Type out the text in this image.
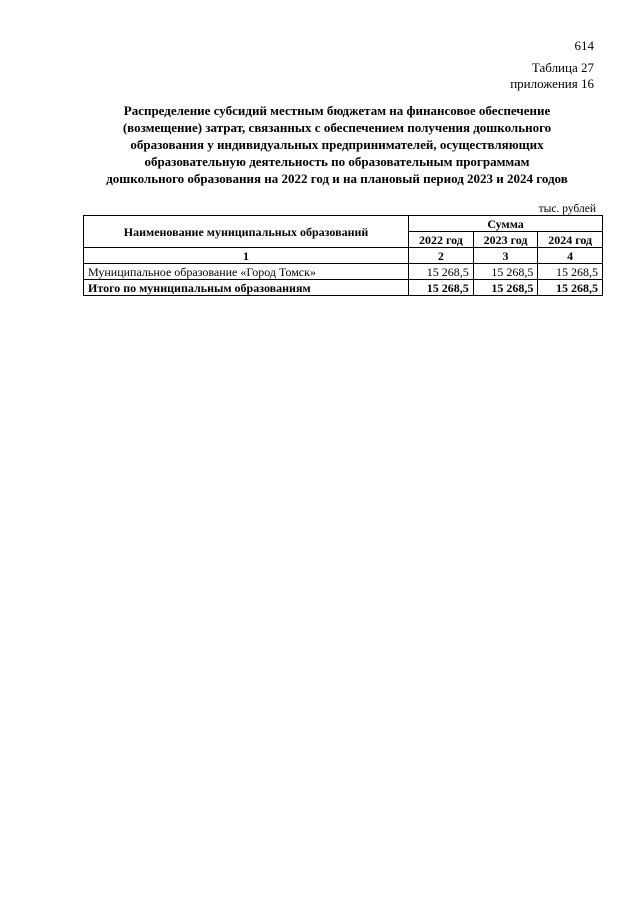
614
Таблица 27
приложения 16
Распределение субсидий местным бюджетам на финансовое обеспечение
(возмещение) затрат, связанных с обеспечением получения дошкольного
образования у индивидуальных предпринимателей, осуществляющих
образовательную деятельность по образовательным программам
дошкольного образования на 2022 год и на плановый период 2023 и 2024 годов
тыс. рублей
Наименование муниципальных образований	Сумма		
	2022 год	2023 год	2024 год
1	2	3	4
Муниципальное образование «Город Томск»	15 268,5	15 268,5	15 268,5
Итого по муниципальным образованиям	15 268,5	15 268,5	15 268,5
